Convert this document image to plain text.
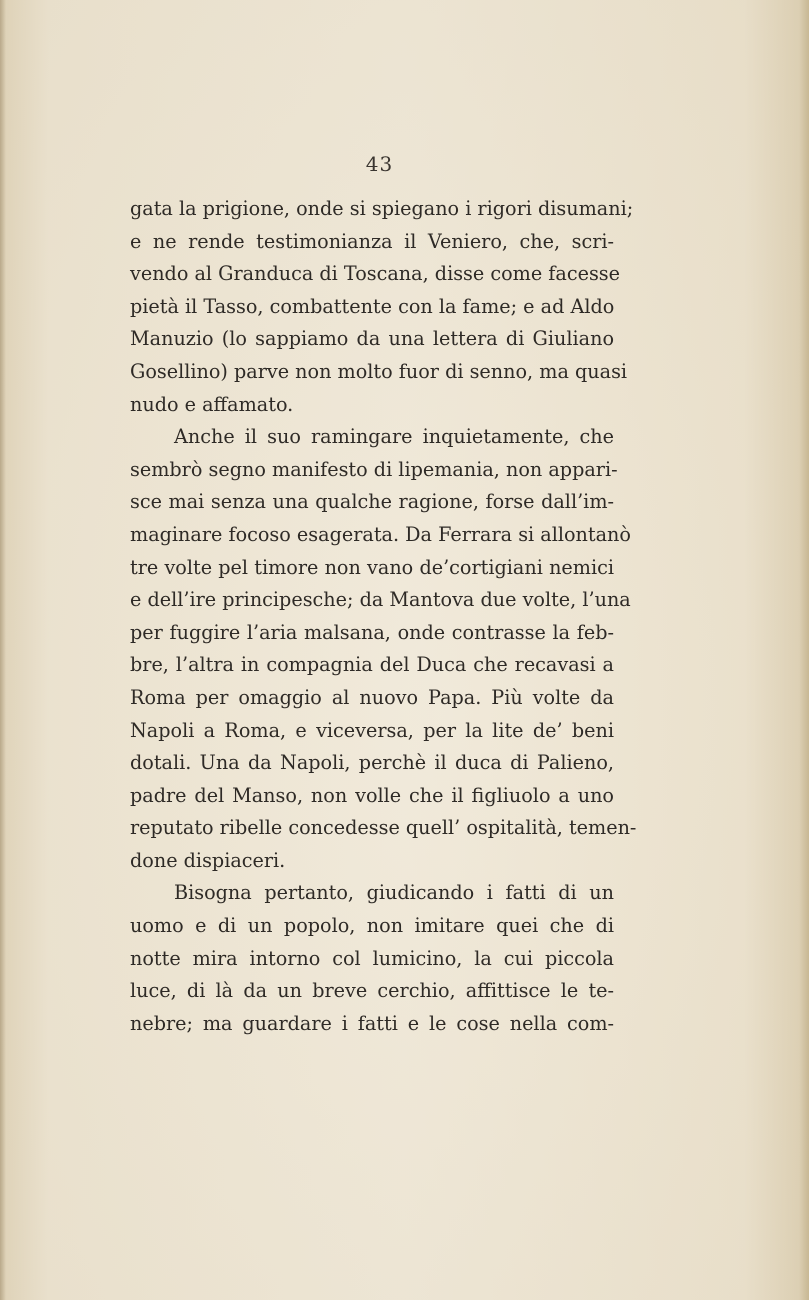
43
gata la prigione, onde si spiegano i rigori disumani;
e ne rende testimonianza il Veniero, che, scri-
vendo al Granduca di Toscana, disse come facesse
pietà il Tasso, combattente con la fame; e ad Aldo
Manuzio (lo sappiamo da una lettera di Giuliano
Gosellino) parve non molto fuor di senno, ma quasi
nudo e affamato.
Anche il suo ramingare inquietamente, che
sembrò segno manifesto di lipemania, non appari-
sce mai senza una qualche ragione, forse dall’im-
maginare focoso esagerata. Da Ferrara si allontanò
tre volte pel timore non vano de’cortigiani nemici
e dell’ire principesche; da Mantova due volte, l’una
per fuggire l’aria malsana, onde contrasse la feb-
bre, l’altra in compagnia del Duca che recavasi a
Roma per omaggio al nuovo Papa. Più volte da
Napoli a Roma, e viceversa, per la lite de’ beni
dotali. Una da Napoli, perchè il duca di Palieno,
padre del Manso, non volle che il figliuolo a uno
reputato ribelle concedesse quell’ ospitalità, temen-
done dispiaceri.
Bisogna pertanto, giudicando i fatti di un
uomo e di un popolo, non imitare quei che di
notte mira intorno col lumicino, la cui piccola
luce, di là da un breve cerchio, affittisce le te-
nebre; ma guardare i fatti e le cose nella com-
